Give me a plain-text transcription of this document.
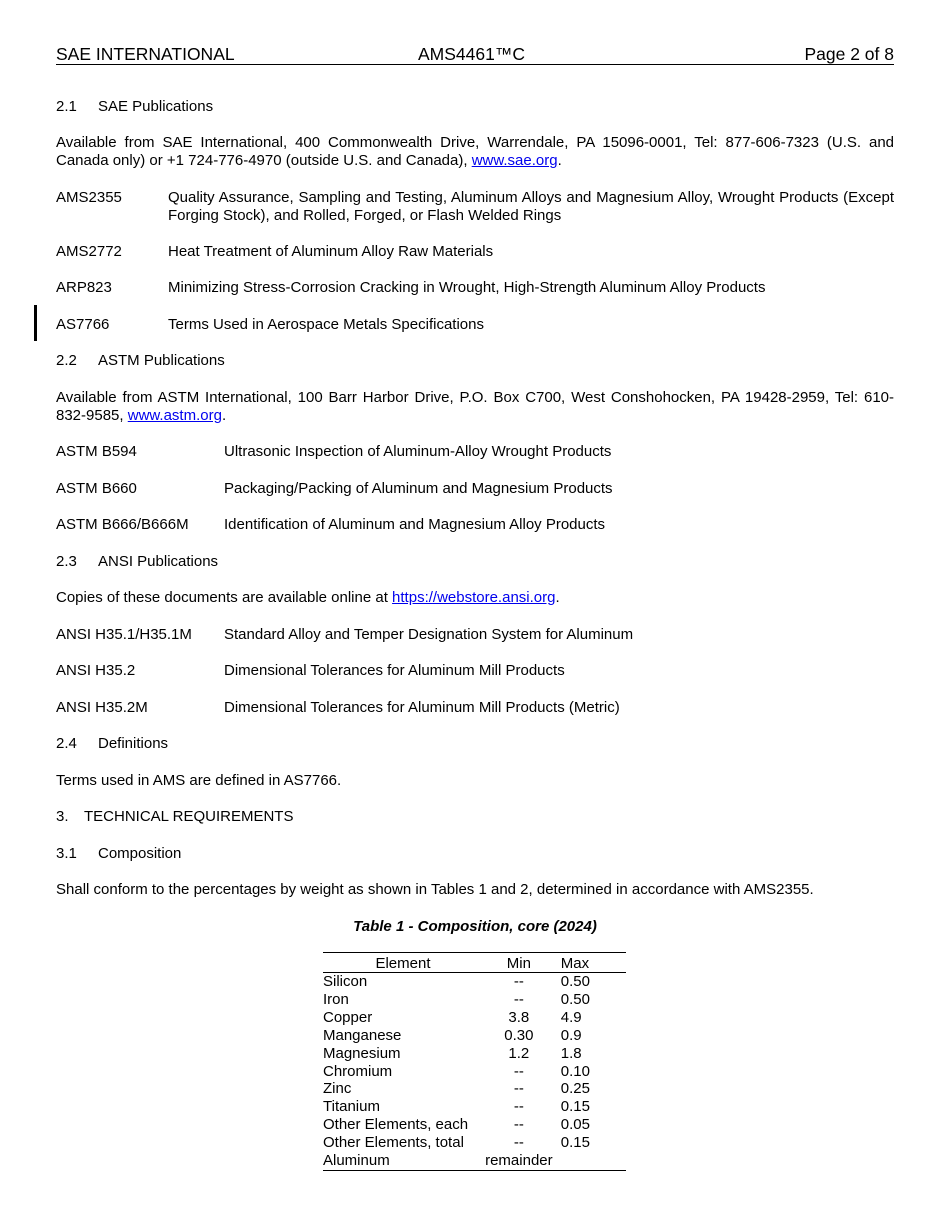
SAE INTERNATIONAL	AMS4461™C	Page 2 of 8
2.1 SAE Publications
Available from SAE International, 400 Commonwealth Drive, Warrendale, PA 15096-0001, Tel: 877-606-7323 (U.S. and Canada only) or +1 724-776-4970 (outside U.S. and Canada), www.sae.org.
AMS2355	Quality Assurance, Sampling and Testing, Aluminum Alloys and Magnesium Alloy, Wrought Products (Except Forging Stock), and Rolled, Forged, or Flash Welded Rings
AMS2772	Heat Treatment of Aluminum Alloy Raw Materials
ARP823	Minimizing Stress-Corrosion Cracking in Wrought, High-Strength Aluminum Alloy Products
AS7766	Terms Used in Aerospace Metals Specifications
2.2 ASTM Publications
Available from ASTM International, 100 Barr Harbor Drive, P.O. Box C700, West Conshohocken, PA 19428-2959, Tel: 610-832-9585, www.astm.org.
ASTM B594	Ultrasonic Inspection of Aluminum-Alloy Wrought Products
ASTM B660	Packaging/Packing of Aluminum and Magnesium Products
ASTM B666/B666M Identification of Aluminum and Magnesium Alloy Products
2.3 ANSI Publications
Copies of these documents are available online at https://webstore.ansi.org.
ANSI H35.1/H35.1M Standard Alloy and Temper Designation System for Aluminum
ANSI H35.2	Dimensional Tolerances for Aluminum Mill Products
ANSI H35.2M	Dimensional Tolerances for Aluminum Mill Products (Metric)
2.4 Definitions
Terms used in AMS are defined in AS7766.
3. TECHNICAL REQUIREMENTS
3.1 Composition
Shall conform to the percentages by weight as shown in Tables 1 and 2, determined in accordance with AMS2355.
Table 1 - Composition, core (2024)
Element	Min	Max
Silicon	--	0.50
Iron	--	0.50
Copper	3.8	4.9
Manganese	0.30	0.9
Magnesium	1.2	1.8
Chromium	--	0.10
Zinc	--	0.25
Titanium	--	0.15
Other Elements, each	--	0.05
Other Elements, total	--	0.15
Aluminum	remainder	
